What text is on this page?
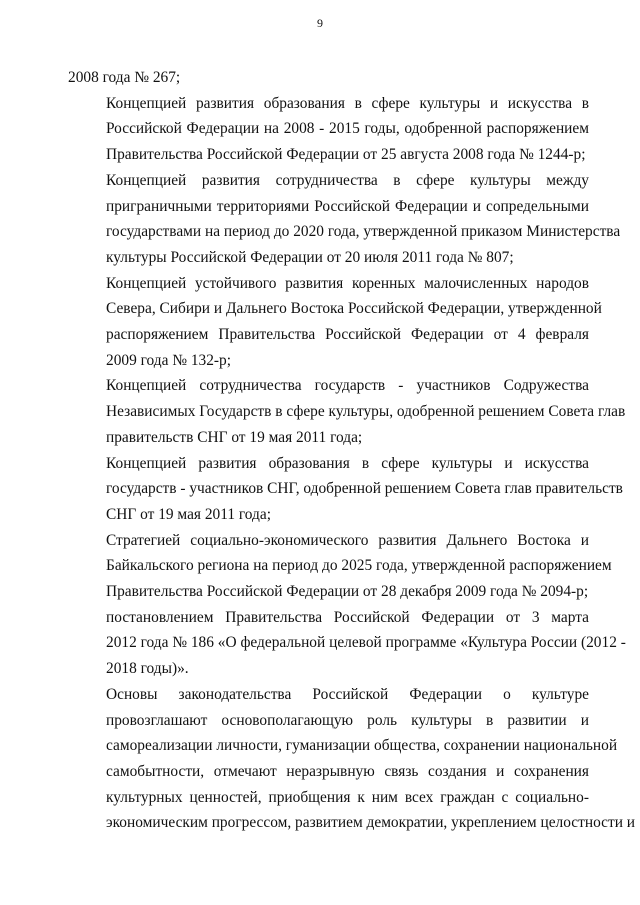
9

2008 года № 267;

Концепцией развития образования в сфере культуры и искусства в
Российской Федерации на 2008 - 2015 годы, одобренной распоряжением
Правительства Российской Федерации от 25 августа 2008 года № 1244-р;

Концепцией развития сотрудничества в сфере культуры между
приграничными территориями Российской Федерации и сопредельными
государствами на период до 2020 года, утвержденной приказом Министерства
культуры Российской Федерации от 20 июля 2011 года № 807;

Концепцией устойчивого развития коренных малочисленных народов
Севера, Сибири и Дальнего Востока Российской Федерации, утвержденной
распоряжением Правительства Российской Федерации от 4 февраля
2009 года № 132-р;

Концепцией сотрудничества государств - участников Содружества
Независимых Государств в сфере культуры, одобренной решением Совета глав
правительств СНГ от 19 мая 2011 года;

Концепцией развития образования в сфере культуры и искусства
государств - участников СНГ, одобренной решением Совета глав правительств
СНГ от 19 мая 2011 года;

Стратегией социально-экономического развития Дальнего Востока и
Байкальского региона на период до 2025 года, утвержденной распоряжением
Правительства Российской Федерации от 28 декабря 2009 года № 2094-р;

постановлением Правительства Российской Федерации от 3 марта
2012 года № 186 «О федеральной целевой программе «Культура России (2012 -
2018 годы)».

Основы законодательства Российской Федерации о культуре
провозглашают основополагающую роль культуры в развитии и
самореализации личности, гуманизации общества, сохранении национальной
самобытности, отмечают неразрывную связь создания и сохранения
культурных ценностей, приобщения к ним всех граждан с социально-
экономическим прогрессом, развитием демократии, укреплением целостности и
